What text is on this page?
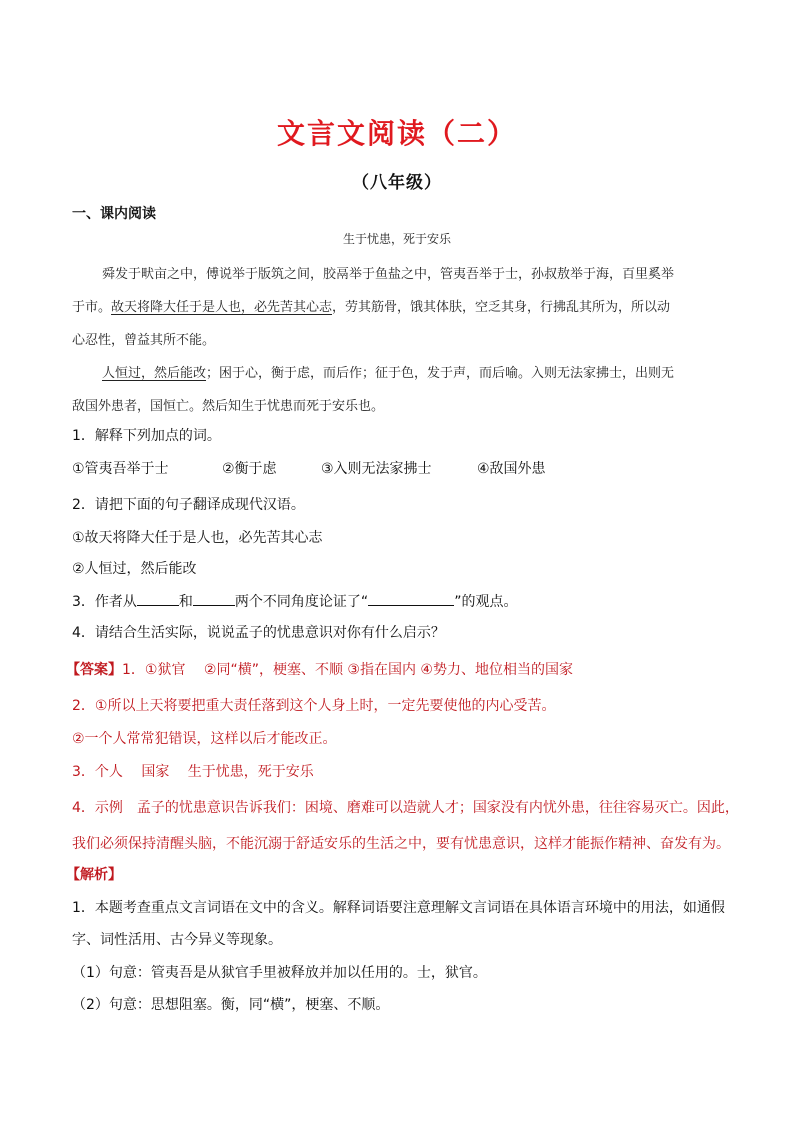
文言文阅读（二）
（八年级）
一、课内阅读
生于忧患，死于安乐
舜发于畎亩之中，傅说举于版筑之间，胶鬲举于鱼盐之中，管夷吾举于士，孙叔敖举于海，百里奚举
于市。故天将降大任于是人也，必先苦其心志，劳其筋骨，饿其体肤，空乏其身，行拂乱其所为，所以动
心忍性，曾益其所不能。
人恒过，然后能改；困于心，衡于虑，而后作；征于色，发于声，而后喻。入则无法家拂士，出则无
敌国外患者，国恒亡。然后知生于忧患而死于安乐也。
1．解释下列加点的词。
①管夷吾举于士	②衡于虑	③入则无法家拂士	④敌国外患
2．请把下面的句子翻译成现代汉语。
①故天将降大任于是人也，必先苦其心志
②人恒过，然后能改
3．作者从	和	两个不同角度论证了“	”的观点。
4．请结合生活实际，说说孟子的忧患意识对你有什么启示？
【答案】1．①狱官　 ②同“横”，梗塞、不顺 ③指在国内 ④势力、地位相当的国家
2．①所以上天将要把重大责任落到这个人身上时，一定先要使他的内心受苦。
②一个人常常犯错误，这样以后才能改正。
3．个人　 国家　 生于忧患，死于安乐
4．示例　孟子的忧患意识告诉我们：困境、磨难可以造就人才；国家没有内忧外患，往往容易灭亡。因此，
我们必须保持清醒头脑，不能沉溺于舒适安乐的生活之中，要有忧患意识，这样才能振作精神、奋发有为。
【解析】
1．本题考查重点文言词语在文中的含义。解释词语要注意理解文言词语在具体语言环境中的用法，如通假
字、词性活用、古今异义等现象。
（1）句意：管夷吾是从狱官手里被释放并加以任用的。士，狱官。
（2）句意：思想阻塞。衡，同“横”，梗塞、不顺。
